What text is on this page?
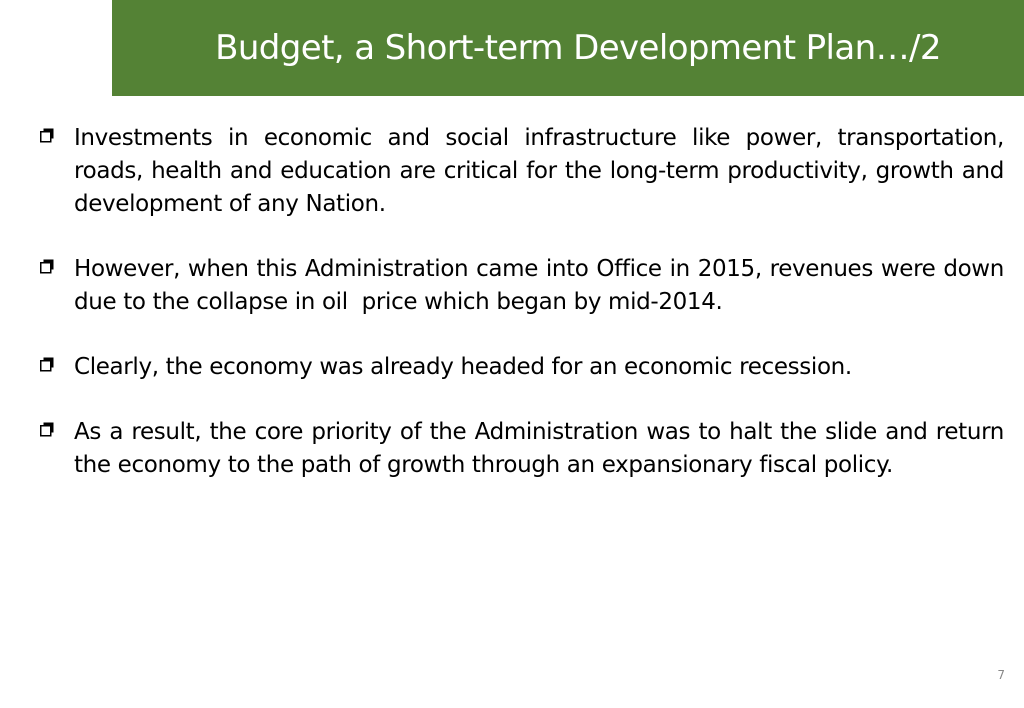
Budget, a Short-term Development Plan…/2
Investments in economic and social infrastructure like power, transportation, roads, health and education are critical for the long-term productivity, growth and development of any Nation.
However, when this Administration came into Office in 2015, revenues were down due to the collapse in oil  price which began by mid-2014.
Clearly, the economy was already headed for an economic recession.
As a result, the core priority of the Administration was to halt the slide and return the economy to the path of growth through an expansionary fiscal policy.
7
